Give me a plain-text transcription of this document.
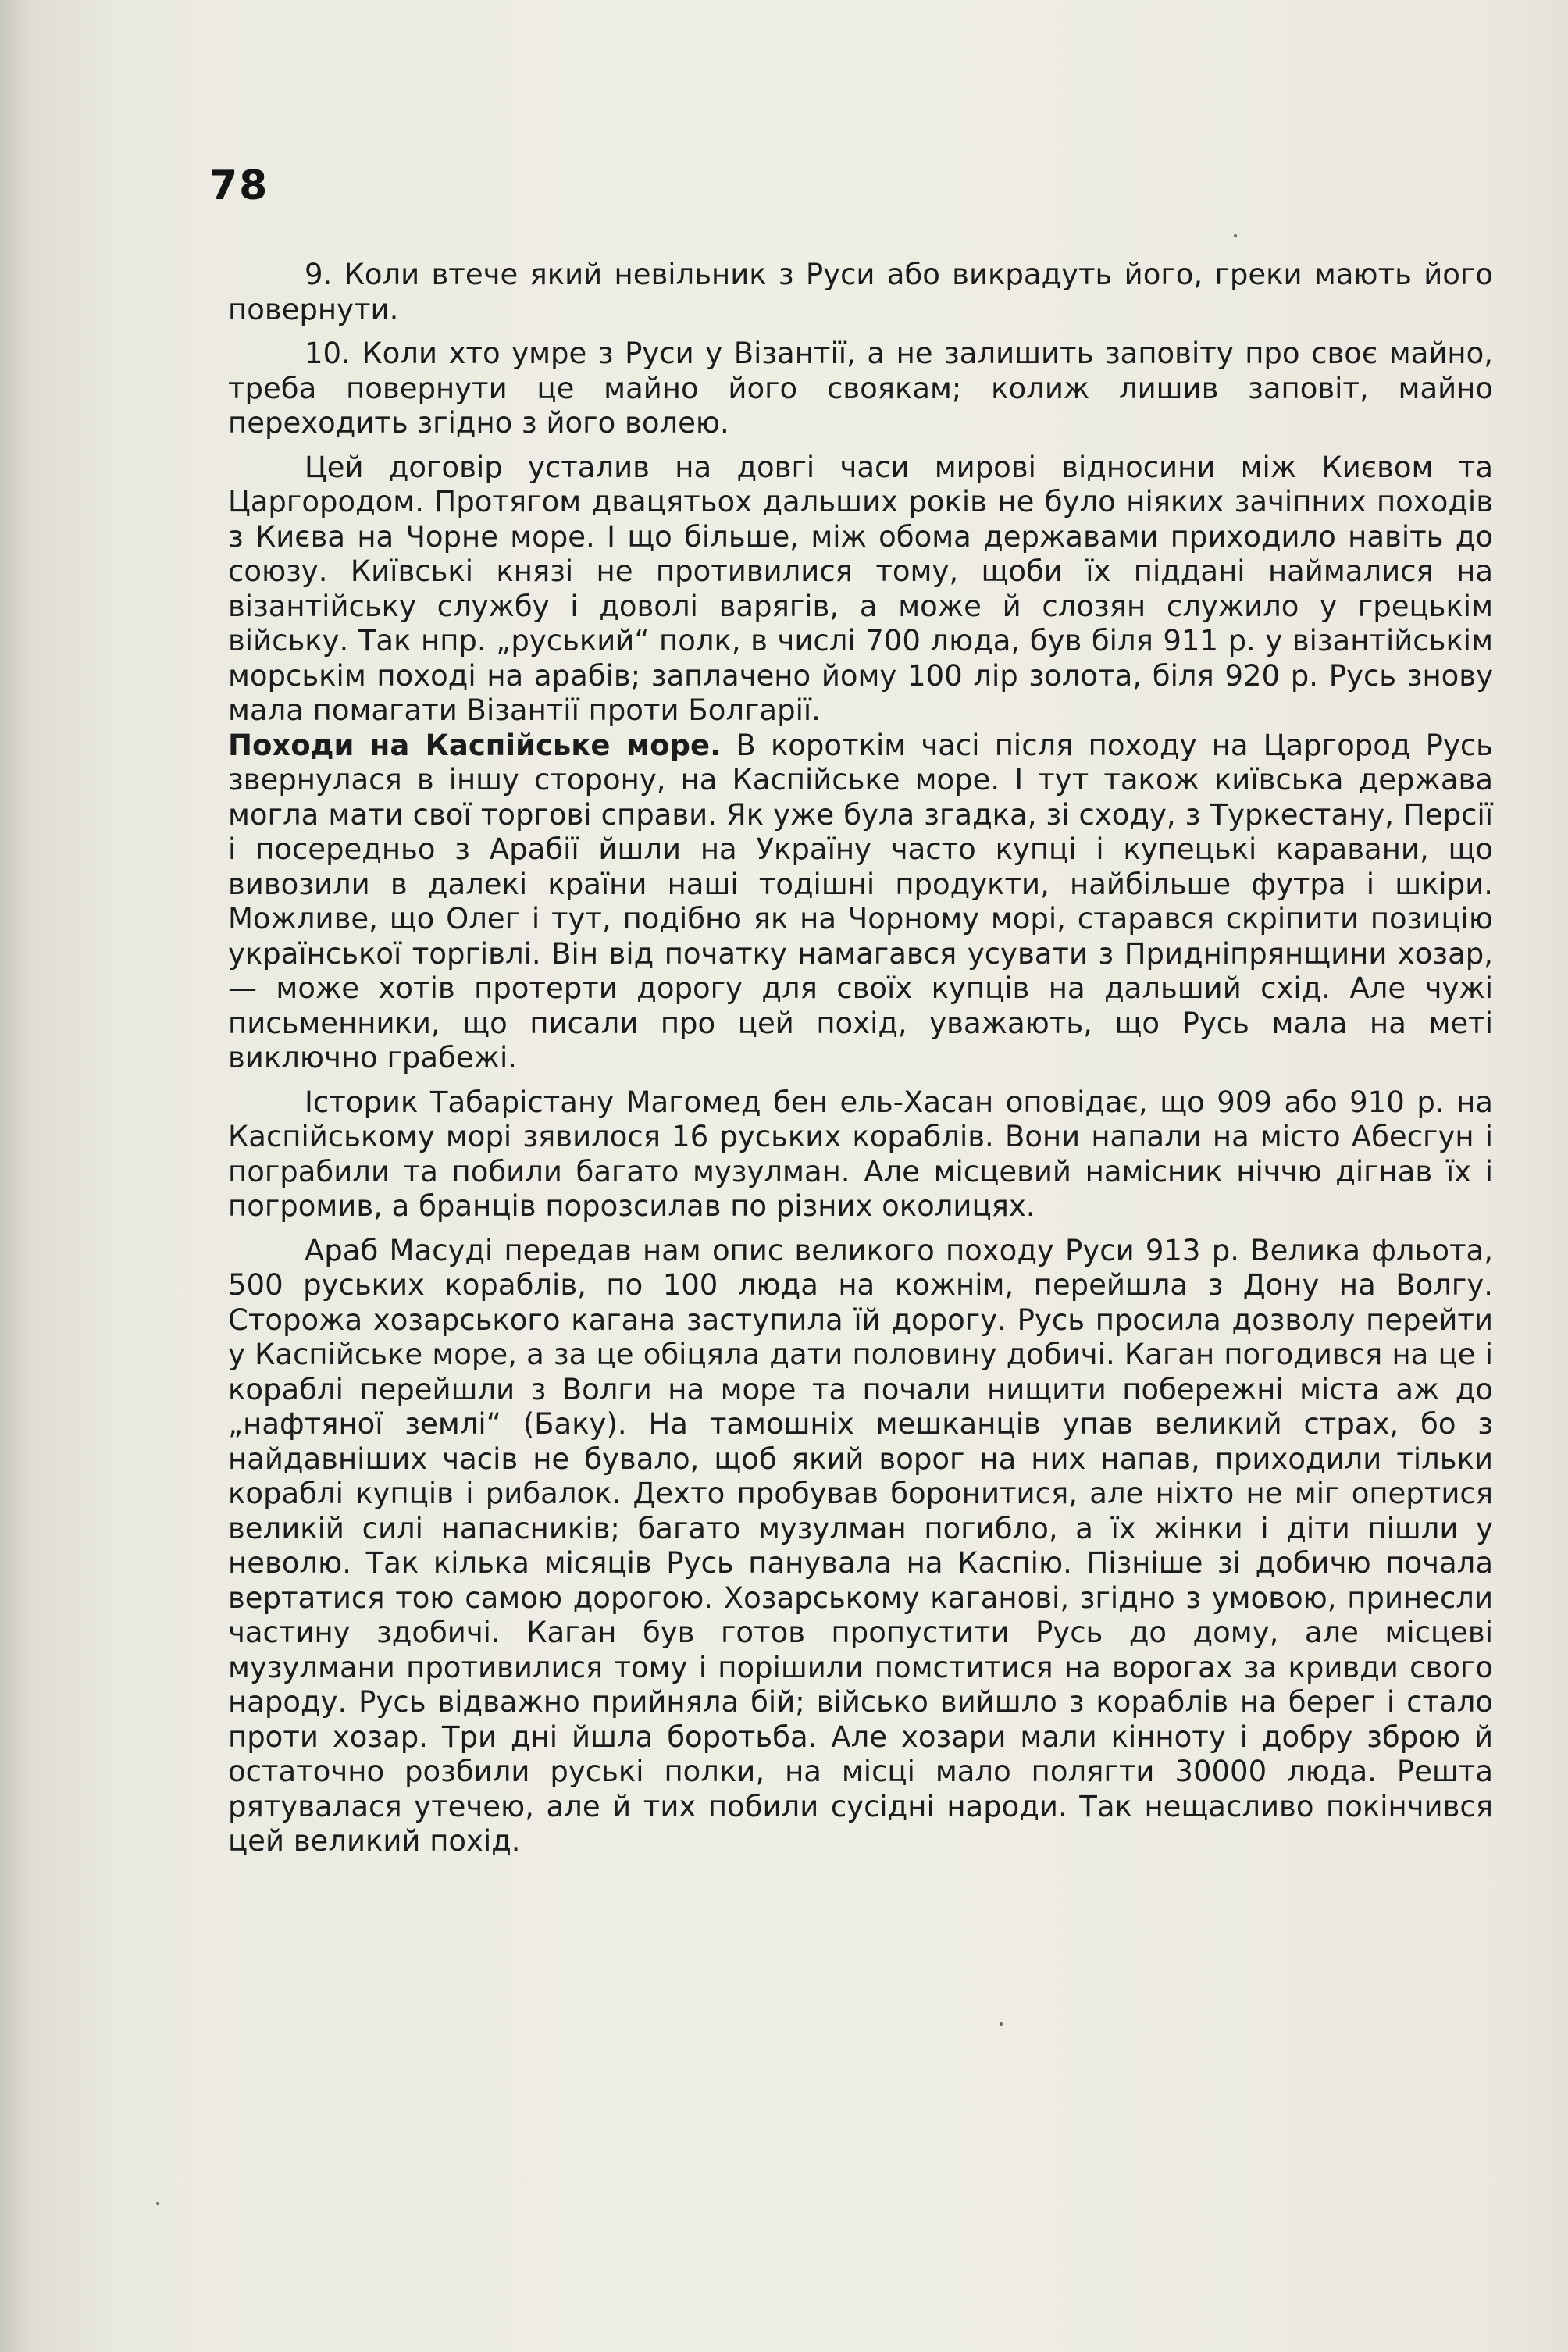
78

9. Коли втече який невільник з Руси або викрадуть його, греки мають його повернути.

10. Коли хто умре з Руси у Візантії, а не залишить заповіту про своє майно, треба повернути це майно його своякам; колиж лишив заповіт, майно переходить згідно з його волею.

Цей договір усталив на довгі часи мирові відносини між Києвом та Царгородом. Протягом двацятьох дальших років не було ніяких зачіпних походів з Києва на Чорне море. І що більше, між обома державами приходило навіть до союзу. Київські князі не противилися тому, щоби їх піддані наймалися на візантійську службу і доволі варягів, а може й слозян служило у грецькім війську. Так нпр. „руський“ полк, в числі 700 люда, був біля 911 р. у візантійськім морськім поході на арабів; заплачено йому 100 лір золота, біля 920 р. Русь знову мала помагати Візантії проти Болгарії.

Походи на Каспійське море. В короткім часі після походу на Царгород Русь звернулася в іншу сторону, на Каспійське море. І тут також київська держава могла мати свої торгові справи. Як уже була згадка, зі сходу, з Туркестану, Персії і посередньо з Арабії йшли на Україну часто купці і купецькі каравани, що вивозили в далекі країни наші тодішні продукти, найбільше футра і шкіри. Можливе, що Олег і тут, подібно як на Чорному морі, старався скріпити позицію української торгівлі. Він від початку намагався усувати з Придніпрянщини хозар, — може хотів протерти дорогу для своїх купців на дальший схід. Але чужі письменники, що писали про цей похід, уважають, що Русь мала на меті виключно грабежі.

Історик Табарістану Магомед бен ель-Хасан оповідає, що 909 або 910 р. на Каспійському морі зявилося 16 руських кораблів. Вони напали на місто Абесгун і пограбили та побили багато музулман. Але місцевий намісник ніччю дігнав їх і погромив, а бранців порозсилав по різних околицях.

Араб Масуді передав нам опис великого походу Руси 913 р. Велика фльота, 500 руських кораблів, по 100 люда на кожнім, перейшла з Дону на Волгу. Сторожа хозарського кагана заступила їй дорогу. Русь просила дозволу перейти у Каспійське море, а за це обіцяла дати половину добичі. Каган погодився на це і кораблі перейшли з Волги на море та почали нищити побережні міста аж до „нафтяної землі“ (Баку). На тамошніх мешканців упав великий страх, бо з найдавніших часів не бувало, щоб який ворог на них напав, приходили тільки кораблі купців і рибалок. Дехто пробував боронитися, але ніхто не міг опертися великій силі напасників; багато музулман погибло, а їх жінки і діти пішли у неволю. Так кілька місяців Русь панувала на Каспію. Пізніше зі добичю почала вертатися тою самою дорогою. Хозарському каганові, згідно з умовою, принесли частину здобичі. Каган був готов пропустити Русь до дому, але місцеві музулмани противилися тому і порішили помститися на ворогах за кривди свого народу. Русь відважно прийняла бій; військо вийшло з кораблів на берег і стало проти хозар. Три дні йшла боротьба. Але хозари мали кінноту і добру зброю й остаточно розбили руські полки, на місці мало полягти 30000 люда. Решта рятувалася утечею, але й тих побили сусідні народи. Так нещасливо покінчився цей великий похід.
